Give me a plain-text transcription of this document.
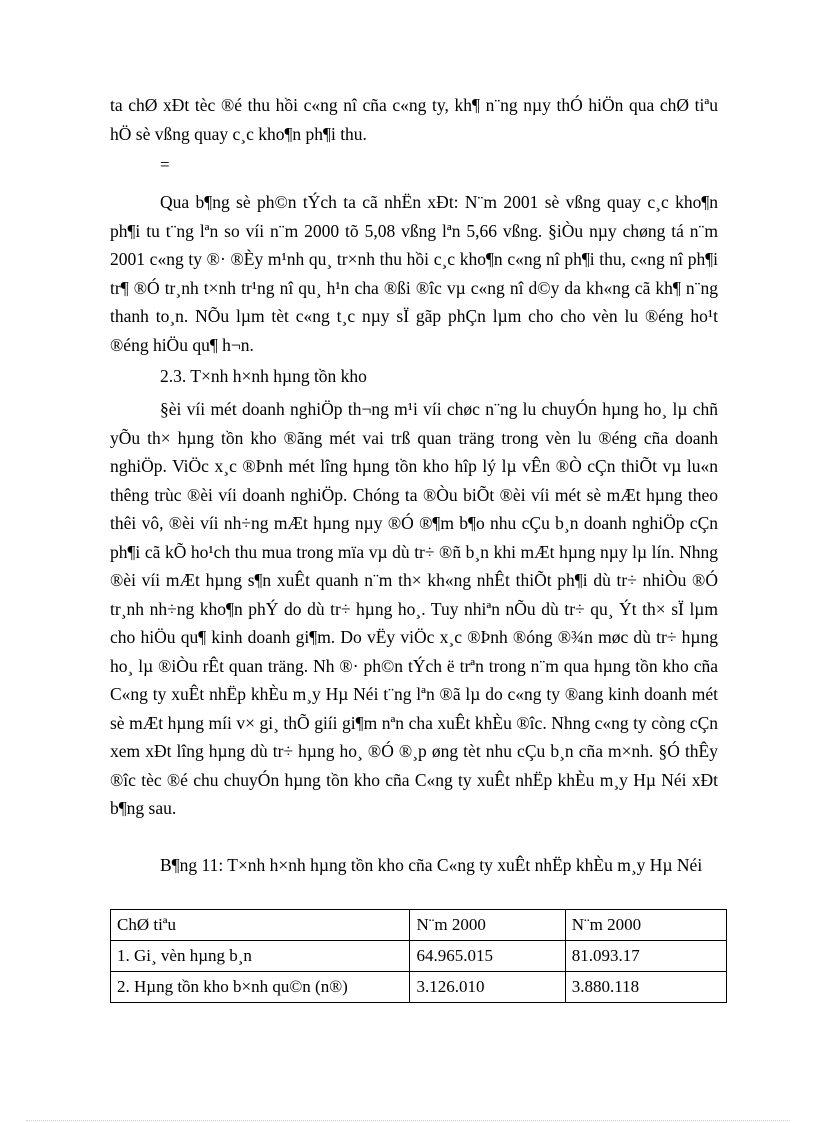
ta chØ xÐt tèc ®é thu hồi c«ng nî cña c«ng ty, kh¶ n¨ng nµy thÓ hiÖn qua chØ tiªu hÖ sè vßng quay c¸c kho¶n ph¶i thu.

=

Qua b¶ng sè ph©n tÝch ta cã nhËn xÐt: N¨m 2001 sè vßng quay c¸c kho¶n ph¶i tu t¨ng lªn so víi n¨m 2000 tõ 5,08 vßng lªn 5,66 vßng. §iÒu nµy chøng tá n¨m 2001 c«ng ty ®· ®Èy m¹nh qu¸ tr×nh thu hồi c¸c kho¶n c«ng nî ph¶i thu, c«ng nî ph¶i tr¶ ®Ó tr¸nh t×nh tr¹ng nî qu¸ h¹n cha ®ßi ®îc vµ c«ng nî d©y da kh«ng cã kh¶ n¨ng thanh to¸n. NÕu lµm tèt c«ng t¸c nµy sÏ gãp phÇn lµm cho cho vèn lu ®éng ho¹t ®éng hiÖu qu¶ h¬n.

2.3. T×nh h×nh hµng tồn kho

§èi víi mét doanh nghiÖp th¬ng m¹i víi chøc n¨ng lu chuyÓn hµng ho¸ lµ chñ yÕu th× hµng tồn kho ®ãng mét vai trß quan träng trong vèn lu ®éng cña doanh nghiÖp. ViÖc x¸c ®Þnh mét lîng hµng tồn kho hîp lý lµ vÊn ®Ò cÇn thiÕt vµ lu«n thêng trùc ®èi víi doanh nghiÖp. Chóng ta ®Òu biÕt ®èi víi mét sè mÆt hµng theo thêi vô, ®èi víi nh÷ng mÆt hµng nµy ®Ó ®¶m b¶o nhu cÇu b¸n doanh nghiÖp cÇn ph¶i cã kÕ ho¹ch thu mua trong mïa vµ dù tr÷ ®ñ b¸n khi mÆt hµng nµy lµ lín. Nhng ®èi víi mÆt hµng s¶n xuÊt quanh n¨m th× kh«ng nhÊt thiÕt ph¶i dù tr÷ nhiÒu ®Ó tr¸nh nh÷ng kho¶n phÝ do dù tr÷ hµng ho¸. Tuy nhiªn nÕu dù tr÷ qu¸ Ýt th× sÏ lµm cho hiÖu qu¶ kinh doanh gi¶m. Do vËy viÖc x¸c ®Þnh ®óng ®¾n møc dù tr÷ hµng ho¸ lµ ®iÒu rÊt quan träng. Nh ®· ph©n tÝch ë trªn trong n¨m qua hµng tồn kho cña C«ng ty xuÊt nhËp khÈu m¸y Hµ Néi t¨ng lªn ®ã lµ do c«ng ty ®ang kinh doanh mét sè mÆt hµng míi v× gi¸ thÕ giíi gi¶m nªn cha xuÊt khÈu ®îc. Nhng c«ng ty còng cÇn xem xÐt lîng hµng dù tr÷ hµng ho¸ ®Ó ®¸p øng tèt nhu cÇu b¸n cña m×nh. §Ó thÊy ®îc tèc ®é chu chuyÓn hµng tồn kho cña C«ng ty xuÊt nhËp khÈu m¸y Hµ Néi xÐt b¶ng sau.

B¶ng 11: T×nh h×nh hµng tồn kho cña C«ng ty xuÊt nhËp khÈu m¸y Hµ Néi

ChØ tiªu	N¨m 2000	N¨m 2000
1. Gi¸ vèn hµng b¸n	64.965.015	81.093.17
2. Hµng tồn kho b×nh qu©n (n®)	3.126.010	3.880.118
